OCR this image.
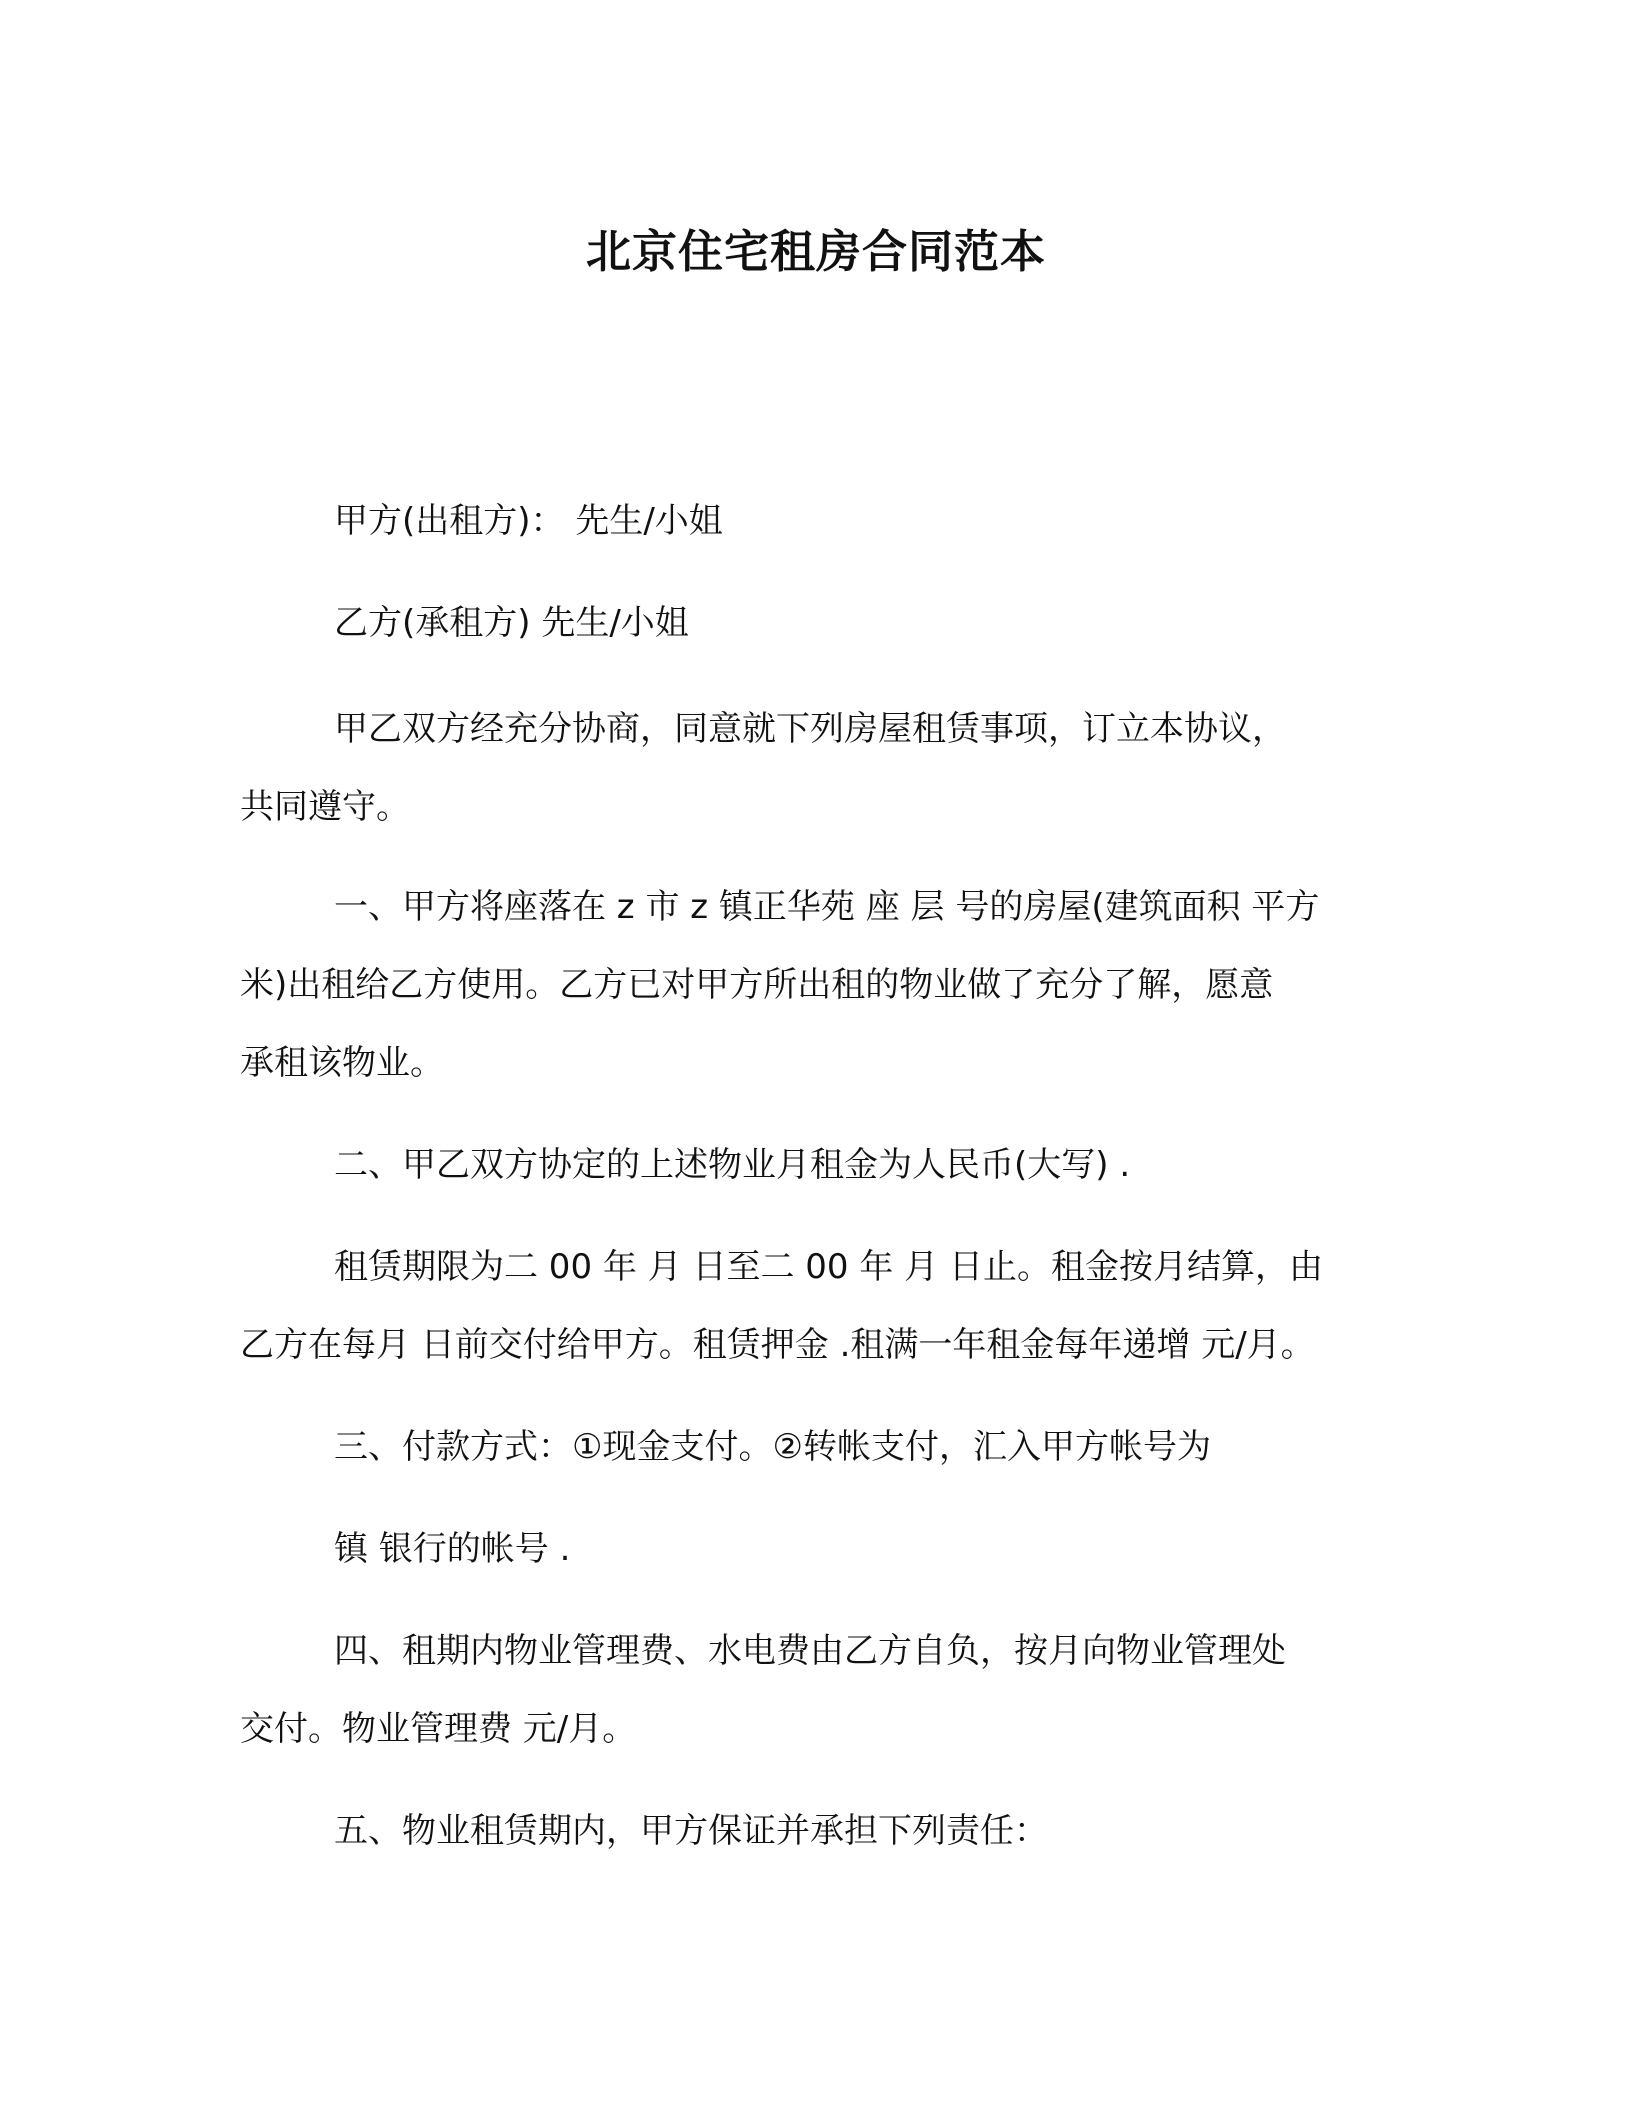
北京住宅租房合同范本
甲方(出租方)： 先生/小姐
乙方(承租方) 先生/小姐
甲乙双方经充分协商，同意就下列房屋租赁事项，订立本协议，
共同遵守。
一、甲方将座落在 z 市 z 镇正华苑 座 层 号的房屋(建筑面积 平方
米)出租给乙方使用。乙方已对甲方所出租的物业做了充分了解，愿意
承租该物业。
二、甲乙双方协定的上述物业月租金为人民币(大写) .
租赁期限为二 00 年 月 日至二 00 年 月 日止。租金按月结算，由
乙方在每月 日前交付给甲方。租赁押金 .租满一年租金每年递增 元/月。
三、付款方式：①现金支付。②转帐支付，汇入甲方帐号为
镇 银行的帐号 .
四、租期内物业管理费、水电费由乙方自负，按月向物业管理处
交付。物业管理费 元/月。
五、物业租赁期内，甲方保证并承担下列责任：
